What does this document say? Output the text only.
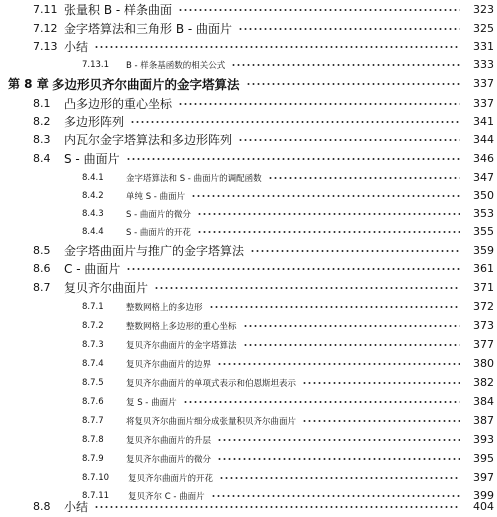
7.11 张量积 B - 样条曲面	323
7.12 金字塔算法和三角形 B - 曲面片	325
7.13 小结	331
7.13.1	B - 样条基函数的相关公式	333
第 8 章 多边形贝齐尔曲面片的金字塔算法	337
8.1	凸多边形的重心坐标	337
8.2	多边形阵列	341
8.3	内瓦尔金字塔算法和多边形阵列	344
8.4	S - 曲面片	346
8.4.1	金字塔算法和 S - 曲面片的调配函数	347
8.4.2	单纯 S - 曲面片	350
8.4.3	S - 曲面片的微分	353
8.4.4	S - 曲面片的开花	355
8.5	金字塔曲面片与推广的金字塔算法	359
8.6	C - 曲面片	361
8.7	复贝齐尔曲面片	371
8.7.1	整数网格上的多边形	372
8.7.2	整数网格上多边形的重心坐标	373
8.7.3	复贝齐尔曲面片的金字塔算法	377
8.7.4	复贝齐尔曲面片的边界	380
8.7.5	复贝齐尔曲面片的单项式表示和伯恩斯坦表示	382
8.7.6	复 S - 曲面片	384
8.7.7	将复贝齐尔曲面片细分成张量积贝齐尔曲面片	387
8.7.8	复贝齐尔曲面片的升层	393
8.7.9	复贝齐尔曲面片的微分	395
8.7.10	复贝齐尔曲面片的开花	397
8.7.11	复贝齐尔 C - 曲面片	399
8.8	小结	404
